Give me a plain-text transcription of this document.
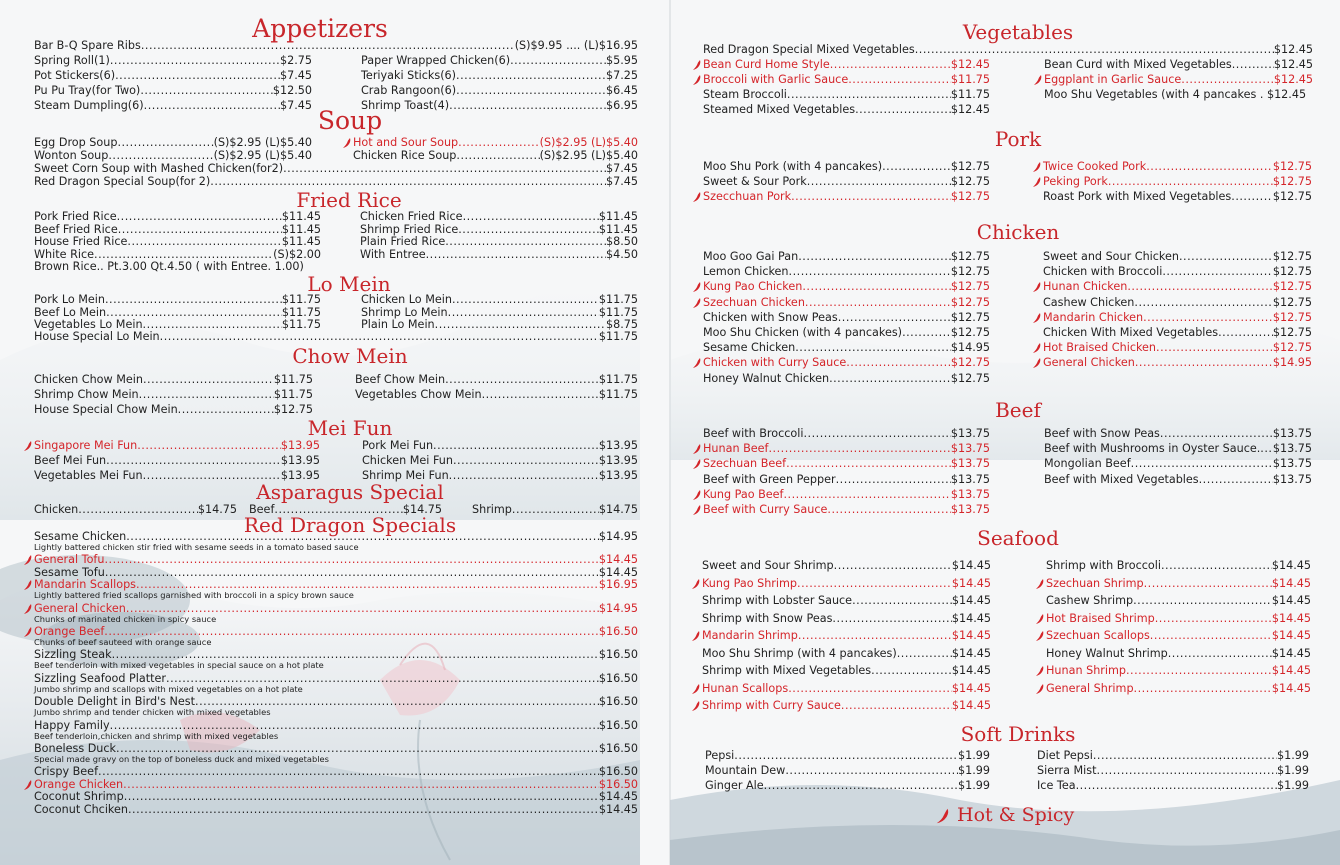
Appetizers
Bar B-Q Spare Ribs .....	(S)$9.95 .... (L)$16.95
Spring Roll(1) .....	$2.75
Pot Stickers(6) .....	$7.45
Pu Pu Tray(for Two) .....	$12.50
Steam Dumpling(6) .....	$7.45
Paper Wrapped Chicken(6) .....	$5.95
Teriyaki Sticks(6) .....	$7.25
Crab Rangoon(6) .....	$6.45
Shrimp Toast(4) .....	$6.95
Soup
Egg Drop Soup .....	(S)$2.95 (L)$5.40
Wonton Soup .....	(S)$2.95 (L)$5.40
Hot and Sour Soup .....	(S)$2.95 (L)$5.40
Chicken Rice Soup .....	(S)$2.95 (L)$5.40
Sweet Corn Soup with Mashed Chicken(for2) .....	$7.45
Red Dragon Special Soup(for 2) .....	$7.45
Fried Rice
Pork Fried Rice .....	$11.45
Beef Fried Rice .....	$11.45
House Fried Rice .....	$11.45
White Rice .....	(S)$2.00
Chicken Fried Rice .....	$11.45
Shrimp Fried Rice .....	$11.45
Plain Fried Rice .....	$8.50
With Entree .....	$4.50
Brown Rice.. Pt.3.00 Qt.4.50 ( with Entree. 1.00)
Lo Mein
Pork Lo Mein .....	$11.75
Beef Lo Mein .....	$11.75
Vegetables Lo Mein .....	$11.75
Chicken Lo Mein .....	$11.75
Shrimp Lo Mein .....	$11.75
Plain Lo Mein .....	$8.75
House Special Lo Mein .....	$11.75
Chow Mein
Chicken Chow Mein .....	$11.75
Shrimp Chow Mein .....	$11.75
House Special Chow Mein .....	$12.75
Beef Chow Mein .....	$11.75
Vegetables Chow Mein .....	$11.75
Mei Fun
Singapore Mei Fun .....	$13.95
Beef Mei Fun .....	$13.95
Vegetables Mei Fun .....	$13.95
Pork Mei Fun .....	$13.95
Chicken Mei Fun .....	$13.95
Shrimp Mei Fun .....	$13.95
Asparagus Special
Chicken .....	$14.75 Beef .....	$14.75	Shrimp .....	$14.75
Red Dragon Specials
Sesame Chicken .....	$14.95
Lightly battered chicken stir fried with sesame seeds in a tomato based sauce
General Tofu .....	$14.45
Sesame Tofu .....	$14.45
Mandarin Scallops .....	$16.95
Lightly battered fried scallops garnished with broccoli in a spicy brown sauce
General Chicken .....	$14.95
Chunks of marinated chicken in spicy sauce
Orange Beef .....	$16.50
Chunks of beef sauteed with orange sauce
Sizzling Steak .....	$16.50
Beef tenderloin with mixed vegetables in special sauce on a hot plate
Sizzling Seafood Platter .....	$16.50
Jumbo shrimp and scallops with mixed vegetables on a hot plate
Double Delight in Bird's Nest .....	$16.50
Jumbo shrimp and tender chicken with mixed vegetables
Happy Family .....	$16.50
Beef tenderloin,chicken and shrimp with mixed vegetables
Boneless Duck .....	$16.50
Special made gravy on the top of boneless duck and mixed vegetables
Crispy Beef .....	$16.50
Orange Chicken .....	$16.50
Coconut Shrimp .....	$14.45
Coconut Chciken .....	$14.45
Vegetables
Red Dragon Special Mixed Vegetables .....	$12.45
Bean Curd Home Style .....	$12.45
Broccoli with Garlic Sauce .....	$11.75
Steam Broccoli .....	$11.75
Steamed Mixed Vegetables .....	$12.45
Bean Curd with Mixed Vegetables .....	$12.45
Eggplant in Garlic Sauce .....	$12.45
Moo Shu Vegetables (with 4 pancakes . $12.45
Pork
Moo Shu Pork (with 4 pancakes) .....	$12.75
Sweet & Sour Pork .....	$12.75
Szecchuan Pork .....	$12.75
Twice Cooked Pork .....	$12.75
Peking Pork .....	$12.75
Roast Pork with Mixed Vegetables .....	$12.75
Chicken
Moo Goo Gai Pan .....	$12.75
Lemon Chicken .....	$12.75
Kung Pao Chicken .....	$12.75
Szechuan Chicken .....	$12.75
Chicken with Snow Peas .....	$12.75
Moo Shu Chicken (with 4 pancakes) .....	$12.75
Sesame Chicken .....	$14.95
Chicken with Curry Sauce .....	$12.75
Honey Walnut Chicken .....	$12.75
Sweet and Sour Chicken .....	$12.75
Chicken with Broccoli .....	$12.75
Hunan Chicken .....	$12.75
Cashew Chicken .....	$12.75
Mandarin Chicken .....	$12.75
Chicken With Mixed Vegetables .....	$12.75
Hot Braised Chicken .....	$12.75
General Chicken .....	$14.95
Beef
Beef with Broccoli .....	$13.75
Hunan Beef .....	$13.75
Szechuan Beef .....	$13.75
Beef with Green Pepper .....	$13.75
Kung Pao Beef .....	$13.75
Beef with Curry Sauce .....	$13.75
Beef with Snow Peas .....	$13.75
Beef with Mushrooms in Oyster Sauce. ..... $13.75
Mongolian Beef .....	$13.75
Beef with Mixed Vegetables .....	$13.75
Seafood
Sweet and Sour Shrimp .....	$14.45
Kung Pao Shrimp .....	$14.45
Shrimp with Lobster Sauce .....	$14.45
Shrimp with Snow Peas .....	$14.45
Mandarin Shrimp .....	$14.45
Moo Shu Shrimp (with 4 pancakes) .....	$14.45
Shrimp with Mixed Vegetables .....	$14.45
Hunan Scallops .....	$14.45
Shrimp with Curry Sauce .....	$14.45
Shrimp with Broccoli .....	$14.45
Szechuan Shrimp .....	$14.45
Cashew Shrimp .....	$14.45
Hot Braised Shrimp .....	$14.45
Szechuan Scallops .....	$14.45
Honey Walnut Shrimp .....	$14.45
Hunan Shrimp .....	$14.45
General Shrimp .....	$14.45
Soft Drinks
Pepsi .....	$1.99
Mountain Dew .....	$1.99
Ginger Ale .....	$1.99
Diet Pepsi .....	$1.99
Sierra Mist .....	$1.99
Ice Tea .....	$1.99
Hot & Spicy
